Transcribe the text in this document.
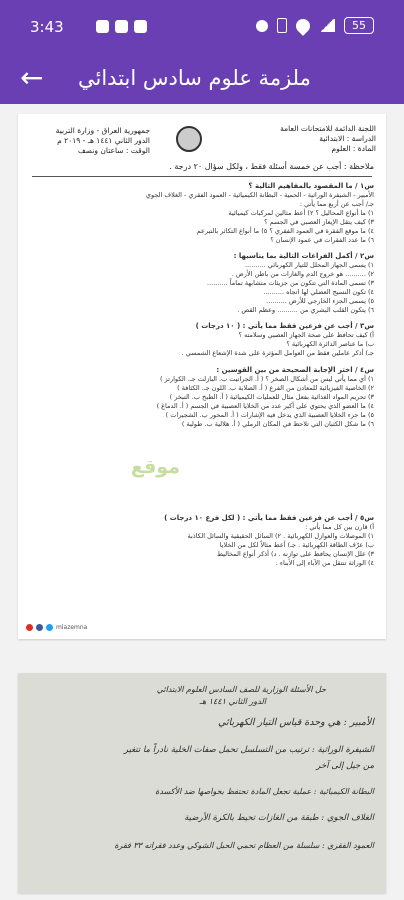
3:43	55
← ملزمة علوم سادس ابتدائي
اللجنة الدائمة للامتحانات العامة
الدراسة : الابتدائية
المادة : العلوم
جمهورية العراق - وزارة التربية
الدور الثاني ١٤٤١ هـ - ٢٠١٩ م
الوقت : ساعتان ونصف
ملاحظة : أجب عن خمسة أسئلة فقط ، ولكل سؤال ٢٠ درجة .
س١ / ما المقصود بالمفاهيم التالية ؟
الأمبير - الشيفرة الوراثية - الحمية - البطانة الكيميائية - العمود الفقري - الغلاف الجوي
جـ/ أجب عن أربع مما يأتي :
١) ما أنواع المحاليل ؟ ٢) أعط مثالين لمركبات كيميائية
٣) كيف يتقل الإيعاز العصبي في الجسم ؟
٤) ما موقع الفقرة في العمود الفقري ؟ ٥) ما أنواع التكاثر بالتبرعم
٦) ما عدد الفقرات في عمود الإنسان ؟
س٢ / أكمل الفراغات التالية بما يناسبها :
١) يسمى الجهاز المحلل للتيار الكهربائي ..........
٢) .......... هو خروج الدم والغازات من باطن الأرض .
٣) تسمى المادة التي تتكون من جزيئات متشابهة تماماً ..........
٤) تكون النسيج العضلي لها اتجاه ..........
٥) يسمى الجزء الخارجي للأرض ..........
٦) يتكون القلب البشري من .......... وعظم القص .
س٣ / أجب عن فرعين فقط مما يأتي : ( ١٠ درجات )
أ) كيف تحافظ على صحة الجهاز العصبي وسلامته ؟
ب) ما عناصر الدائرة الكهربائية ؟
جـ) أذكر عاملين فقط من العوامل المؤثرة على شدة الإشعاع الشمسي .
س٤ / اختر الإجابة الصحيحة من بين القوسين :
١) أي مما يأتي ليس من أشكال الصخر ؟ ( أ. الجرانيت ب. البازلت جـ. الكوارتز )
٢) الخاصية الفيزيائية للمعادن من الفرع ( أ. الصلابة ب. اللون جـ. الكثافة )
٣) تحريم المواد الغذائية بفعل مثال للعمليات الكيميائية ( أ. الطبخ ب. التبخر )
٤) ما العضو الذي يحتوي على أكبر عدد من الخلايا العصبية في الجسم ( أ. الدماغ )
٥) ما جزء الخلايا العصبية الذي يدخل فيه الإشارات ( أ. المحور ب. الشجيرات )
٦) ما شكل الكثبان التي تلاحظ في المكان الرملي ( أ. هلالية ب. طولية )
موقع
س٥ / أجب عن فرعين فقط مما يأتي : ( لكل فرع ١٠ درجات )
أ) قارن بين كل مما يأتي :
١) الموصلات والعوازل الكهربائية . ٢) السائل الحقيقية والسائل الكاذبة
ب) عرّف الطاقة الكهربائية . جـ) أعط مثالاً لكل من الخلايا
٣) علل الإنسان يحافظ على توازنه . د) أذكر أنواع المخاليط
٤) الوراثة تنتقل من الآباء إلى الأبناء .
mlazemna
حل الأسئلة الوزارية للصف السادس العلوم الابتدائي
الدور الثاني ١٤٤١ هـ
الأمبير : هي وحدة قياس التيار الكهربائي
الشيفرة الوراثية : ترتيب من التسلسل تحمل صفات الخلية نادراً ما تتغير
من جيل إلى آخر
البطانة الكيميائية : عملية تجعل المادة تحتفظ بخواصها ضد الأكسدة
الغلاف الجوي : طبقة من الغازات تحيط بالكرة الأرضية
العمود الفقري : سلسلة من العظام تحمي الحبل الشوكي وعدد فقراته ٣٣ فقرة
